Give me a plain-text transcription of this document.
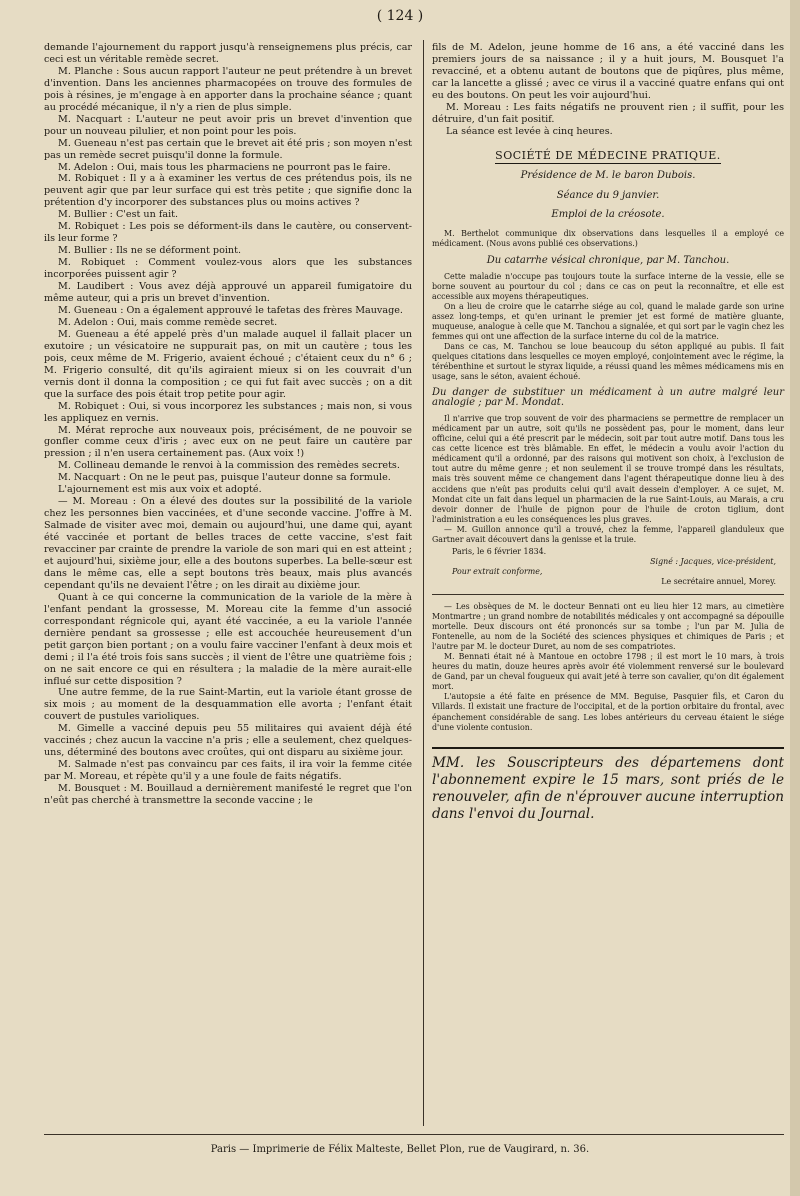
( 124 )

demande l'ajournement du rapport jusqu'à renseignemens plus précis, car ceci est un véritable remède secret.

M. Planche : Sous aucun rapport l'auteur ne peut prétendre à un brevet d'invention. Dans les anciennes pharmacopées on trouve des formules de pois à résines, je m'engage à en apporter dans la prochaine séance ; quant au procédé mécanique, il n'y a rien de plus simple.

M. Nacquart : L'auteur ne peut avoir pris un brevet d'invention que pour un nouveau pilulier, et non point pour les pois.

M. Gueneau n'est pas certain que le brevet ait été pris ; son moyen n'est pas un remède secret puisqu'il donne la formule.

M. Adelon : Oui, mais tous les pharmaciens ne pourront pas le faire.

M. Robiquet : Il y a à examiner les vertus de ces prétendus pois, ils ne peuvent agir que par leur surface qui est très petite ; que signifie donc la prétention d'y incorporer des substances plus ou moins actives ?

M. Bullier : C'est un fait.

M. Robiquet : Les pois se déforment-ils dans le cautère, ou conservent-ils leur forme ?

M. Bullier : Ils ne se déforment point.

M. Robiquet : Comment voulez-vous alors que les substances incorporées puissent agir ?

M. Laudibert : Vous avez déjà approuvé un appareil fumigatoire du même auteur, qui a pris un brevet d'invention.

M. Gueneau : On a également approuvé le tafetas des frères Mauvage.

M. Adelon : Oui, mais comme remède secret.

M. Gueneau a été appelé près d'un malade auquel il fallait placer un exutoire ; un vésicatoire ne suppurait pas, on mit un cautère ; tous les pois, ceux même de M. Frigerio, avaient échoué ; c'étaient ceux du n° 6 ; M. Frigerio consulté, dit qu'ils agiraient mieux si on les couvrait d'un vernis dont il donna la composition ; ce qui fut fait avec succès ; on a dit que la surface des pois était trop petite pour agir.

M. Robiquet : Oui, si vous incorporez les substances ; mais non, si vous les appliquez en vernis.

M. Mérat reproche aux nouveaux pois, précisément, de ne pouvoir se gonfler comme ceux d'iris ; avec eux on ne peut faire un cautère par pression ; il n'en usera certainement pas. (Aux voix !)

M. Collineau demande le renvoi à la commission des remèdes secrets.

M. Nacquart : On ne le peut pas, puisque l'auteur donne sa formule.

L'ajournement est mis aux voix et adopté.

— M. Moreau : On a élevé des doutes sur la possibilité de la variole chez les personnes bien vaccinées, et d'une seconde vaccine. J'offre à M. Salmade de visiter avec moi, demain ou aujourd'hui, une dame qui, ayant été vaccinée et portant de belles traces de cette vaccine, s'est fait revacciner par crainte de prendre la variole de son mari qui en est atteint ; et aujourd'hui, sixième jour, elle a des boutons superbes. La belle-sœur est dans le même cas, elle a sept boutons très beaux, mais plus avancés cependant qu'ils ne devaient l'être ; on les dirait au dixième jour.

Quant à ce qui concerne la communication de la variole de la mère à l'enfant pendant la grossesse, M. Moreau cite la femme d'un associé correspondant régnicole qui, ayant été vaccinée, a eu la variole l'année dernière pendant sa grossesse ; elle est accouchée heureusement d'un petit garçon bien portant ; on a voulu faire vacciner l'enfant à deux mois et demi ; il l'a été trois fois sans succès ; il vient de l'être une quatrième fois ; on ne sait encore ce qui en résultera ; la maladie de la mère aurait-elle influé sur cette disposition ?

Une autre femme, de la rue Saint-Martin, eut la variole étant grosse de six mois ; au moment de la desquammation elle avorta ; l'enfant était couvert de pustules varioliques.

M. Gimelle a vacciné depuis peu 55 militaires qui avaient déjà été vaccinés ; chez aucun la vaccine n'a pris ; elle a seulement, chez quelques-uns, déterminé des boutons avec croûtes, qui ont disparu au sixième jour.

M. Salmade n'est pas convaincu par ces faits, il ira voir la femme citée par M. Moreau, et répète qu'il y a une foule de faits négatifs.

M. Bousquet : M. Bouillaud a dernièrement manifesté le regret que l'on n'eût pas cherché à transmettre la seconde vaccine ; le

fils de M. Adelon, jeune homme de 16 ans, a été vacciné dans les premiers jours de sa naissance ; il y a huit jours, M. Bousquet l'a revacciné, et a obtenu autant de boutons que de piqûres, plus même, car la lancette a glissé ; avec ce virus il a vacciné quatre enfans qui ont eu des boutons. On peut les voir aujourd'hui.

M. Moreau : Les faits négatifs ne prouvent rien ; il suffit, pour les détruire, d'un fait positif.

La séance est levée à cinq heures.

SOCIÉTÉ DE MÉDECINE PRATIQUE.
Présidence de M. le baron Dubois.
Séance du 9 janvier.
Emploi de la créosote.

M. Berthelot communique dix observations dans lesquelles il a employé ce médicament. (Nous avons publié ces observations.)

Du catarrhe vésical chronique, par M. Tanchou.

Cette maladie n'occupe pas toujours toute la surface interne de la vessie, elle se borne souvent au pourtour du col ; dans ce cas on peut la reconnaître, et elle est accessible aux moyens thérapeutiques.

On a lieu de croire que le catarrhe siége au col, quand le malade garde son urine assez long-temps, et qu'en urinant le premier jet est formé de matière gluante, muqueuse, analogue à celle que M. Tanchou a signalée, et qui sort par le vagin chez les femmes qui ont une affection de la surface interne du col de la matrice.

Dans ce cas, M. Tanchou se loue beaucoup du séton appliqué au pubis. Il fait quelques citations dans lesquelles ce moyen employé, conjointement avec le régime, la térébenthine et surtout le styrax liquide, a réussi quand les mêmes médicamens mis en usage, sans le séton, avaient échoué.

Du danger de substituer un médicament à un autre malgré leur analogie ; par M. Mondat.

Il n'arrive que trop souvent de voir des pharmaciens se permettre de remplacer un médicament par un autre, soit qu'ils ne possèdent pas, pour le moment, dans leur officine, celui qui a été prescrit par le médecin, soit par tout autre motif. Dans tous les cas cette licence est très blâmable. En effet, le médecin a voulu avoir l'action du médicament qu'il a ordonné, par des raisons qui motivent son choix, à l'exclusion de tout autre du même genre ; et non seulement il se trouve trompé dans les résultats, mais très souvent même ce changement dans l'agent thérapeutique donne lieu à des accidens que n'eût pas produits celui qu'il avait dessein d'employer. A ce sujet, M. Mondat cite un fait dans lequel un pharmacien de la rue Saint-Louis, au Marais, a cru devoir donner de l'huile de pignon pour de l'huile de croton tiglium, dont l'administration a eu les conséquences les plus graves.

— M. Guillon annonce qu'il a trouvé, chez la femme, l'appareil glanduleux que Gartner avait découvert dans la genisse et la truie.

Paris, le 6 février 1834.

Signé : Jacques, vice-président,

Pour extrait conforme,

Le secrétaire annuel, Morey.

— Les obsèques de M. le docteur Bennati ont eu lieu hier 12 mars, au cimetière Montmartre ; un grand nombre de notabilités médicales y ont accompagné sa dépouille mortelle. Deux discours ont été prononcés sur sa tombe ; l'un par M. Julia de Fontenelle, au nom de la Société des sciences physiques et chimiques de Paris ; et l'autre par M. le docteur Duret, au nom de ses compatriotes.

M. Bennati était né à Mantoue en octobre 1798 ; il est mort le 10 mars, à trois heures du matin, douze heures après avoir été violemment renversé sur le boulevard de Gand, par un cheval fougueux qui avait jeté à terre son cavalier, qu'on dit également mort.

L'autopsie a été faite en présence de MM. Beguise, Pasquier fils, et Caron du Villards. Il existait une fracture de l'occipital, et de la portion orbitaire du frontal, avec épanchement considérable de sang. Les lobes antérieurs du cerveau étaient le siége d'une violente contusion.

MM. les Souscripteurs des départemens dont l'abonnement expire le 15 mars, sont priés de le renouveler, afin de n'éprouver aucune interruption dans l'envoi du Journal.
Paris — Imprimerie de Félix Malteste, Bellet Plon, rue de Vaugirard, n. 36.
